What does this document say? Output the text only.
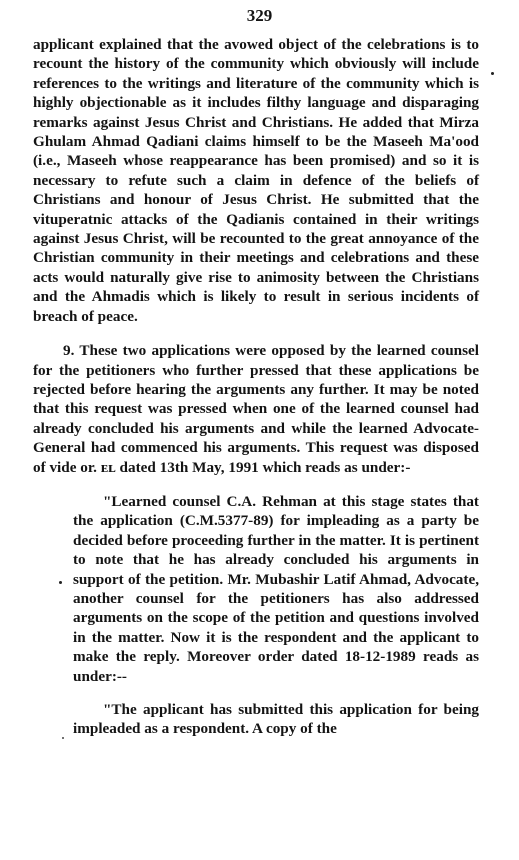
329

applicant explained that the avowed object of the celebrations is to recount the history of the community which obviously will include references to the writings and literature of the community which is highly objectionable as it includes filthy language and disparaging remarks against Jesus Christ and Christians. He added that Mirza Ghulam Ahmad Qadiani claims himself to be the Maseeh Ma'ood (i.e., Maseeh whose reappearance has been promised) and so it is necessary to refute such a claim in defence of the beliefs of Christians and honour of Jesus Christ. He submitted that the vituperatnic attacks of the Qadianis contained in their writings against Jesus Christ, will be recounted to the great annoyance of the Christian community in their meetings and celebrations and these acts would naturally give rise to animosity between the Christians and the Ahmadis which is likely to result in serious incidents of breach of peace.

9. These two applications were opposed by the learned counsel for the petitioners who further pressed that these applications be rejected before hearing the arguments any further. It may be noted that this request was pressed when one of the learned counsel had already concluded his arguments and while the learned Advocate-General had commenced his arguments. This request was disposed of vide or. ᴇʟ dated 13th May, 1991 which reads as under:-

"Learned counsel C.A. Rehman at this stage states that the application (C.M.5377-89) for impleading as a party be decided before proceeding further in the matter. It is pertinent to note that he has already concluded his arguments in support of the petition. Mr. Mubashir Latif Ahmad, Advocate, another counsel for the petitioners has also addressed arguments on the scope of the petition and questions involved in the matter. Now it is the respondent and the applicant to make the reply. Moreover order dated 18-12-1989 reads as under:--

"The applicant has submitted this application for being impleaded as a respondent. A copy of the
